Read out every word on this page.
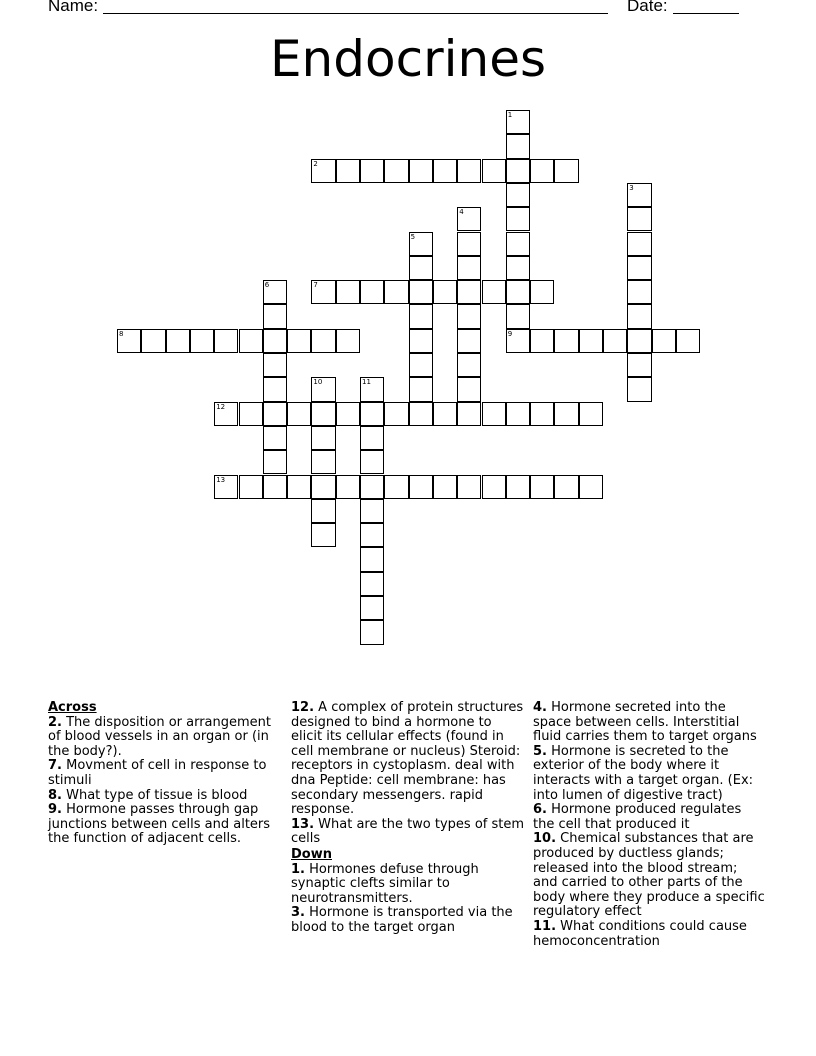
Name:	Date:
Endocrines
1
9
2
3
4
5
6	7
8
10	11
12
13
Across

2. The disposition or arrangement of blood vessels in an organ or (in the body?).

7. Movment of cell in response to stimuli

8. What type of tissue is blood

9. Hormone passes through gap junctions between cells and alters the function of adjacent cells.

12. A complex of protein structures designed to bind a hormone to elicit its cellular effects (found in cell membrane or nucleus) Steroid: receptors in cystoplasm. deal with dna Peptide: cell membrane: has secondary messengers. rapid response.

13. What are the two types of stem cells

Down

1. Hormones defuse through synaptic clefts similar to neurotransmitters.

3. Hormone is transported via the blood to the target organ

4. Hormone secreted into the space between cells. Interstitial fluid carries them to target organs

5. Hormone is secreted to the exterior of the body where it interacts with a target organ. (Ex: into lumen of digestive tract)

6. Hormone produced regulates the cell that produced it

10. Chemical substances that are produced by ductless glands; released into the blood stream; and carried to other parts of the body where they produce a specific regulatory effect

11. What conditions could cause hemoconcentration
